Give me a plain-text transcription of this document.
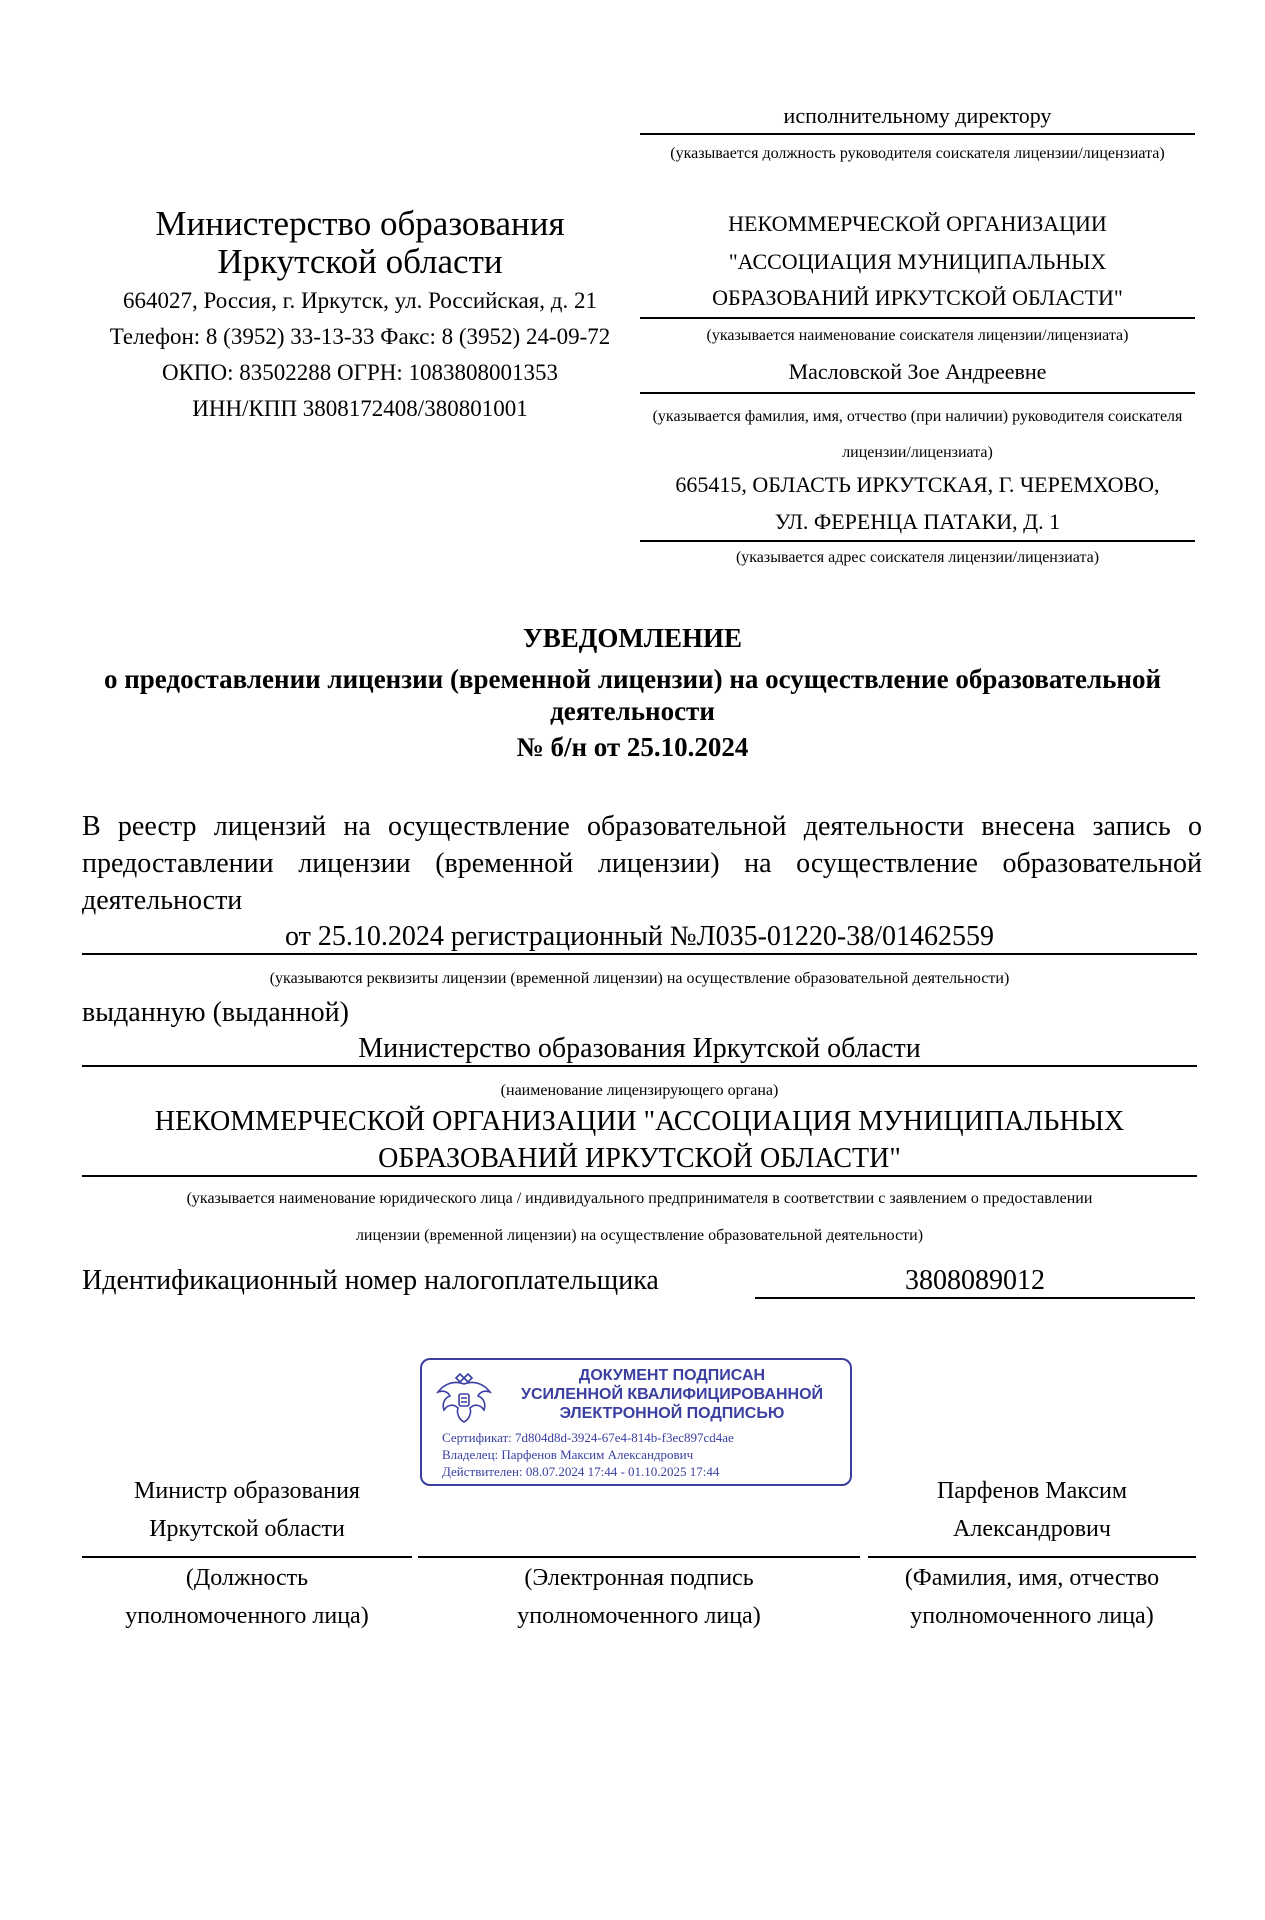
Министерство образования
Иркутской области
664027, Россия, г. Иркутск, ул. Российская, д. 21
Телефон: 8 (3952) 33-13-33 Факс: 8 (3952) 24-09-72
ОКПО: 83502288 ОГРН: 1083808001353
ИНН/КПП 3808172408/380801001
исполнительному директору
(указывается должность руководителя соискателя лицензии/лицензиата)
НЕКОММЕРЧЕСКОЙ ОРГАНИЗАЦИИ
"АССОЦИАЦИЯ МУНИЦИПАЛЬНЫХ
ОБРАЗОВАНИЙ ИРКУТСКОЙ ОБЛАСТИ"
(указывается наименование соискателя лицензии/лицензиата)
Масловской Зое Андреевне
(указывается фамилия, имя, отчество (при наличии) руководителя соискателя лицензии/лицензиата)
665415, ОБЛАСТЬ ИРКУТСКАЯ, Г. ЧЕРЕМХОВО,
УЛ. ФЕРЕНЦА ПАТАКИ, Д. 1
(указывается адрес соискателя лицензии/лицензиата)
УВЕДОМЛЕНИЕ
о предоставлении лицензии (временной лицензии) на осуществление образовательной
деятельности
№ б/н от 25.10.2024
В реестр лицензий на осуществление образовательной деятельности внесена запись о
предоставлении лицензии (временной лицензии) на осуществление образовательной
деятельности
от 25.10.2024 регистрационный №Л035-01220-38/01462559
(указываются реквизиты лицензии (временной лицензии) на осуществление образовательной деятельности)
выданную (выданной)
Министерство образования Иркутской области
(наименование лицензирующего органа)
НЕКОММЕРЧЕСКОЙ ОРГАНИЗАЦИИ "АССОЦИАЦИЯ МУНИЦИПАЛЬНЫХ
ОБРАЗОВАНИЙ ИРКУТСКОЙ ОБЛАСТИ"
(указывается наименование юридического лица / индивидуального предпринимателя в соответствии с заявлением о предоставлении
лицензии (временной лицензии) на осуществление образовательной деятельности)
Идентификационный номер налогоплательщика	3808089012
ДОКУМЕНТ ПОДПИСАН
УСИЛЕННОЙ КВАЛИФИЦИРОВАННОЙ
ЭЛЕКТРОННОЙ ПОДПИСЬЮ
Сертификат: 7d804d8d-3924-67e4-814b-f3ec897cd4ae
Владелец: Парфенов Максим Александрович
Действителен: 08.07.2024 17:44 - 01.10.2025 17:44
Министр образования
Иркутской области
Парфенов Максим
Александрович
(Должность
уполномоченного лица)
(Электронная подпись
уполномоченного лица)
(Фамилия, имя, отчество
уполномоченного лица)
